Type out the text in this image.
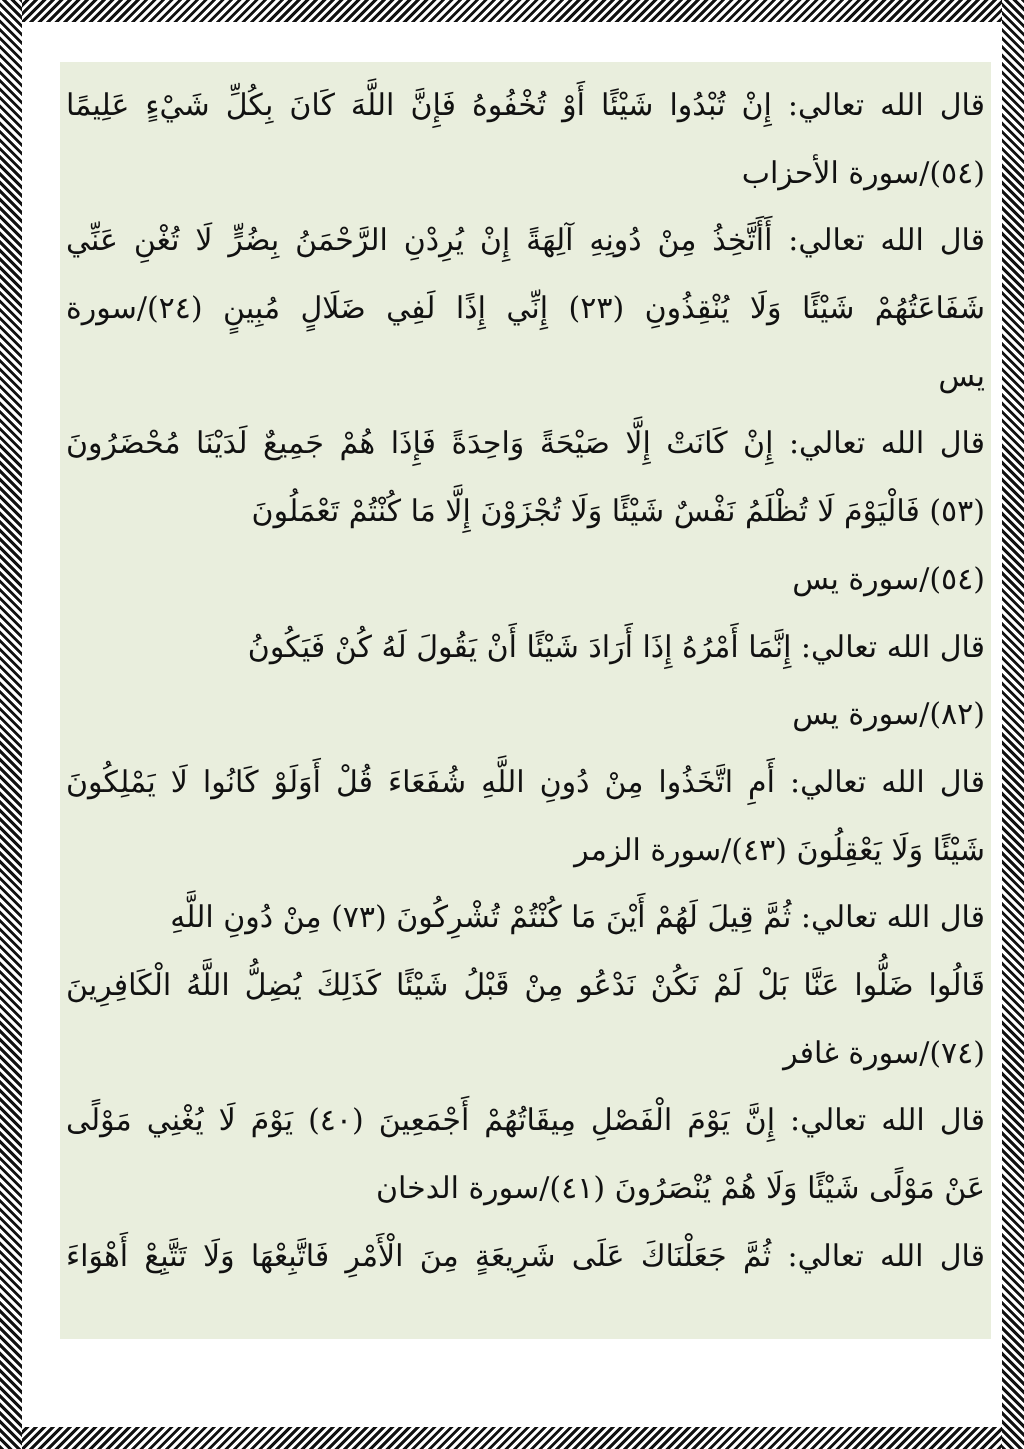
قال الله تعالي: إِنْ تُبْدُوا شَيْئًا أَوْ تُخْفُوهُ فَإِنَّ اللَّهَ كَانَ بِكُلِّ شَيْءٍ عَلِيمًا
(٥٤)/سورة الأحزاب
قال الله تعالي: أَأَتَّخِذُ مِنْ دُونِهِ آلِهَةً إِنْ يُرِدْنِ الرَّحْمَنُ بِضُرٍّ لَا تُغْنِ عَنِّي
شَفَاعَتُهُمْ شَيْئًا وَلَا يُنْقِذُونِ (٢٣) إِنِّي إِذًا لَفِي ضَلَالٍ مُبِينٍ (٢٤)/سورة
يس
قال الله تعالي: إِنْ كَانَتْ إِلَّا صَيْحَةً وَاحِدَةً فَإِذَا هُمْ جَمِيعٌ لَدَيْنَا مُحْضَرُونَ
(٥٣) فَالْيَوْمَ لَا تُظْلَمُ نَفْسٌ شَيْئًا وَلَا تُجْزَوْنَ إِلَّا مَا كُنْتُمْ تَعْمَلُونَ
(٥٤)/سورة يس
قال الله تعالي: إِنَّمَا أَمْرُهُ إِذَا أَرَادَ شَيْئًا أَنْ يَقُولَ لَهُ كُنْ فَيَكُونُ
(٨٢)/سورة يس
قال الله تعالي: أَمِ اتَّخَذُوا مِنْ دُونِ اللَّهِ شُفَعَاءَ قُلْ أَوَلَوْ كَانُوا لَا يَمْلِكُونَ
شَيْئًا وَلَا يَعْقِلُونَ (٤٣)/سورة الزمر
قال الله تعالي: ثُمَّ قِيلَ لَهُمْ أَيْنَ مَا كُنْتُمْ تُشْرِكُونَ (٧٣) مِنْ دُونِ اللَّهِ
قَالُوا ضَلُّوا عَنَّا بَلْ لَمْ نَكُنْ نَدْعُو مِنْ قَبْلُ شَيْئًا كَذَلِكَ يُضِلُّ اللَّهُ الْكَافِرِينَ
(٧٤)/سورة غافر
قال الله تعالي: إِنَّ يَوْمَ الْفَصْلِ مِيقَاتُهُمْ أَجْمَعِينَ (٤٠) يَوْمَ لَا يُغْنِي مَوْلًى
عَنْ مَوْلًى شَيْئًا وَلَا هُمْ يُنْصَرُونَ (٤١)/سورة الدخان
قال الله تعالي: ثُمَّ جَعَلْنَاكَ عَلَى شَرِيعَةٍ مِنَ الْأَمْرِ فَاتَّبِعْهَا وَلَا تَتَّبِعْ أَهْوَاءَ
